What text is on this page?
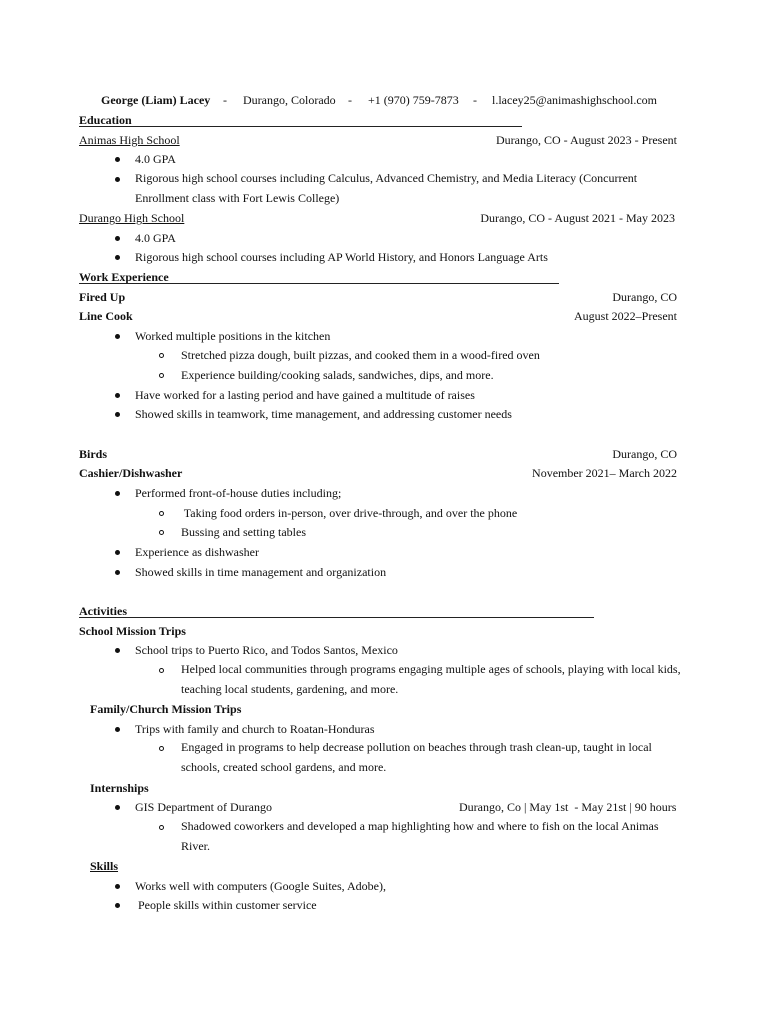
George (Liam) Lacey - Durango, Colorado - +1 (970) 759-7873 - l.lacey25@animashighschool.com
Education
Animas High School	Durango, CO - August 2023 - Present
4.0 GPA
Rigorous high school courses including Calculus, Advanced Chemistry, and Media Literacy (Concurrent Enrollment class with Fort Lewis College)
Durango High School	Durango, CO - August 2021 - May 2023
4.0 GPA
Rigorous high school courses including AP World History, and Honors Language Arts
Work Experience
Fired Up	Durango, CO
Line Cook	August 2022–Present
Worked multiple positions in the kitchen
Stretched pizza dough, built pizzas, and cooked them in a wood-fired oven
Experience building/cooking salads, sandwiches, dips, and more.
Have worked for a lasting period and have gained a multitude of raises
Showed skills in teamwork, time management, and addressing customer needs
Birds	Durango, CO
Cashier/Dishwasher	November 2021– March 2022
Performed front-of-house duties including;
Taking food orders in-person, over drive-through, and over the phone
Bussing and setting tables
Experience as dishwasher
Showed skills in time management and organization
Activities
School Mission Trips
School trips to Puerto Rico, and Todos Santos, Mexico
Helped local communities through programs engaging multiple ages of schools, playing with local kids, teaching local students, gardening, and more.
Family/Church Mission Trips
Trips with family and church to Roatan-Honduras
Engaged in programs to help decrease pollution on beaches through trash clean-up, taught in local schools, created school gardens, and more.
Internships
GIS Department of Durango	Durango, Co | May 1st  - May 21st | 90 hours
Shadowed coworkers and developed a map highlighting how and where to fish on the local Animas River.
Skills
Works well with computers (Google Suites, Adobe),
People skills within customer service
